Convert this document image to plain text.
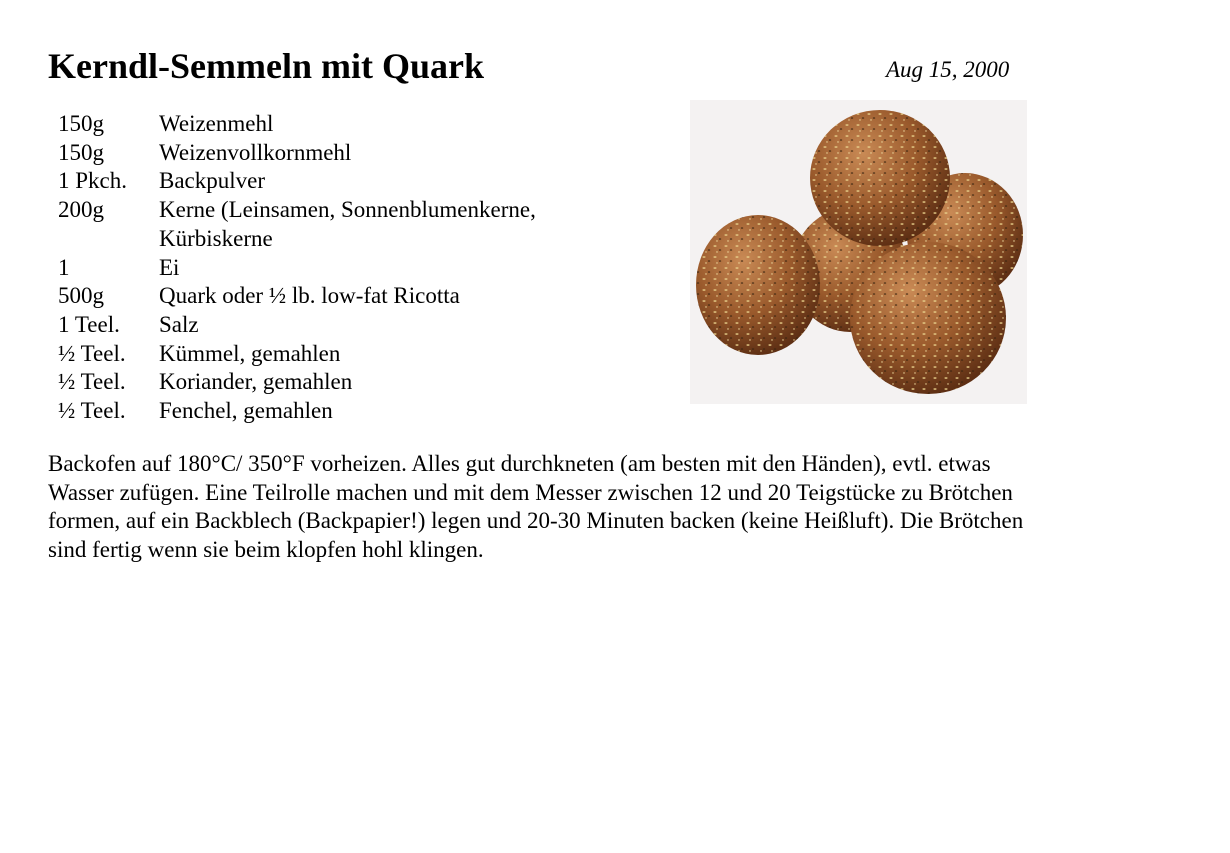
Kerndl-Semmeln mit Quark	Aug 15, 2000
150g	Weizenmehl
150g	Weizenvollkornmehl
1 Pkch.	Backpulver
200g	Kerne (Leinsamen, Sonnenblumenkerne, Kürbiskerne
1	Ei
500g	Quark oder ½ lb. low-fat Ricotta
1 Teel.	Salz
½ Teel.	Kümmel, gemahlen
½ Teel.	Koriander, gemahlen
½ Teel.	Fenchel, gemahlen
Backofen auf 180°C/ 350°F vorheizen. Alles gut durchkneten (am besten mit den Händen), evtl. etwas Wasser zufügen. Eine Teilrolle machen und mit dem Messer zwischen 12 und 20 Teigstücke zu Brötchen formen, auf ein Backblech (Backpapier!) legen und 20-30 Minuten backen (keine Heißluft). Die Brötchen sind fertig wenn sie beim klopfen hohl klingen.
